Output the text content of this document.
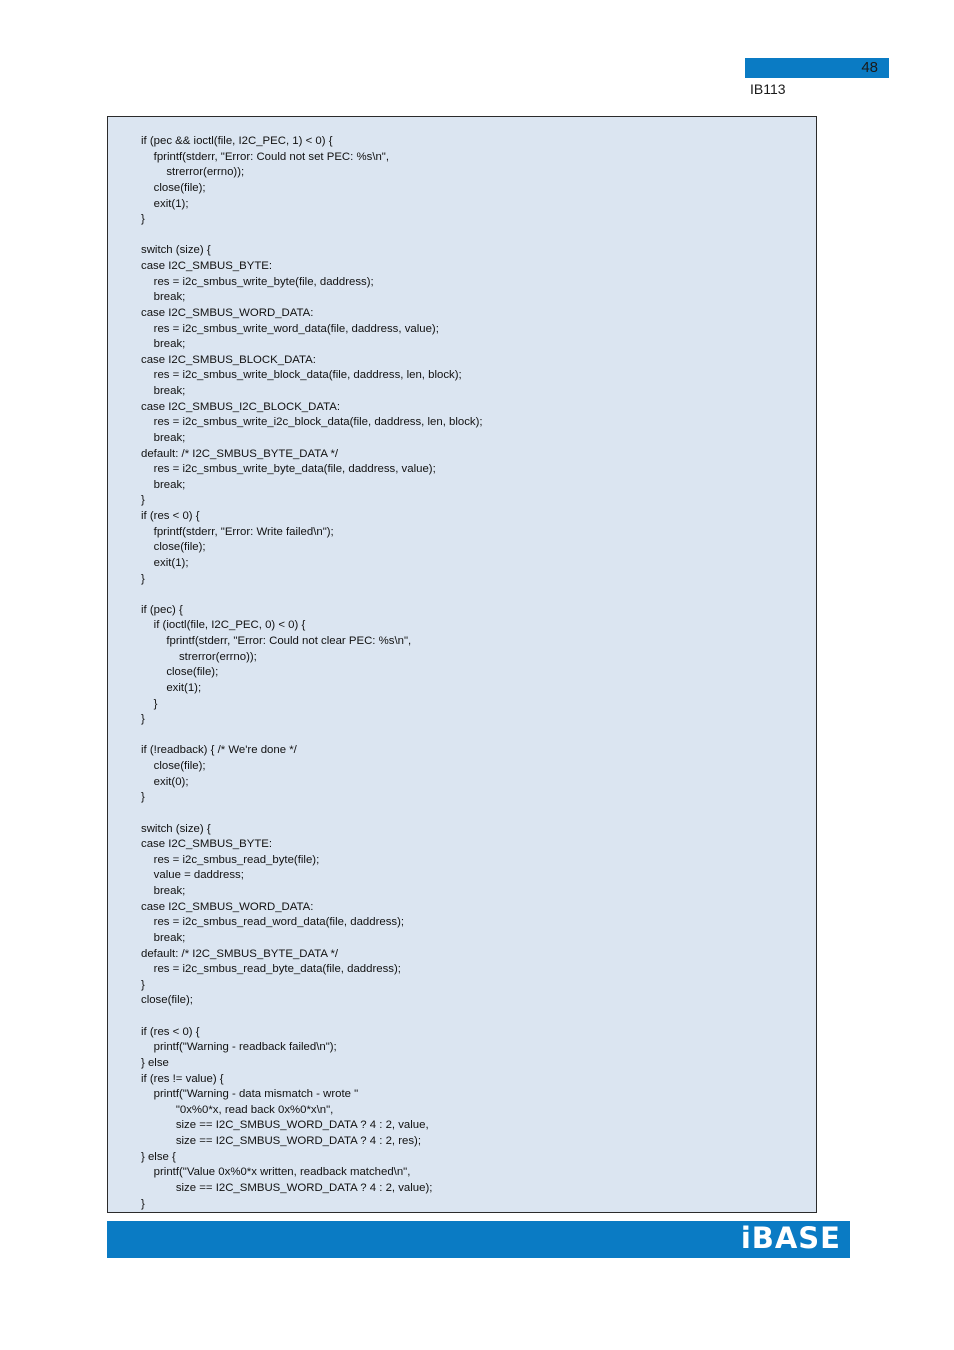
48
IB113
if (pec && ioctl(file, I2C_PEC, 1) < 0) {
	fprintf(stderr, "Error: Could not set PEC: %s\n",
		strerror(errno));
	close(file);
	exit(1);
}
switch (size) {
case I2C_SMBUS_BYTE:
	res = i2c_smbus_write_byte(file, daddress);
	break;
case I2C_SMBUS_WORD_DATA:
	res = i2c_smbus_write_word_data(file, daddress, value);
	break;
case I2C_SMBUS_BLOCK_DATA:
	res = i2c_smbus_write_block_data(file, daddress, len, block);
	break;
case I2C_SMBUS_I2C_BLOCK_DATA:
	res = i2c_smbus_write_i2c_block_data(file, daddress, len, block);
	break;
default: /* I2C_SMBUS_BYTE_DATA */
	res = i2c_smbus_write_byte_data(file, daddress, value);
	break;
}
if (res < 0) {
	fprintf(stderr, "Error: Write failed\n");
	close(file);
	exit(1);
}
if (pec) {
	if (ioctl(file, I2C_PEC, 0) < 0) {
		fprintf(stderr, "Error: Could not clear PEC: %s\n",
			strerror(errno));
		close(file);
		exit(1);
	}
}
if (!readback) { /* We're done */
	close(file);
	exit(0);
}
switch (size) {
case I2C_SMBUS_BYTE:
	res = i2c_smbus_read_byte(file);
	value = daddress;
	break;
case I2C_SMBUS_WORD_DATA:
	res = i2c_smbus_read_word_data(file, daddress);
	break;
default: /* I2C_SMBUS_BYTE_DATA */
	res = i2c_smbus_read_byte_data(file, daddress);
}
close(file);
if (res < 0) {
	printf("Warning - readback failed\n");
} else
if (res != value) {
	printf("Warning - data mismatch - wrote "
		"0x%0*x, read back 0x%0*x\n",
		size == I2C_SMBUS_WORD_DATA ? 4 : 2, value,
		size == I2C_SMBUS_WORD_DATA ? 4 : 2, res);
} else {
	printf("Value 0x%0*x written, readback matched\n",
		size == I2C_SMBUS_WORD_DATA ? 4 : 2, value);
}
iBASE
